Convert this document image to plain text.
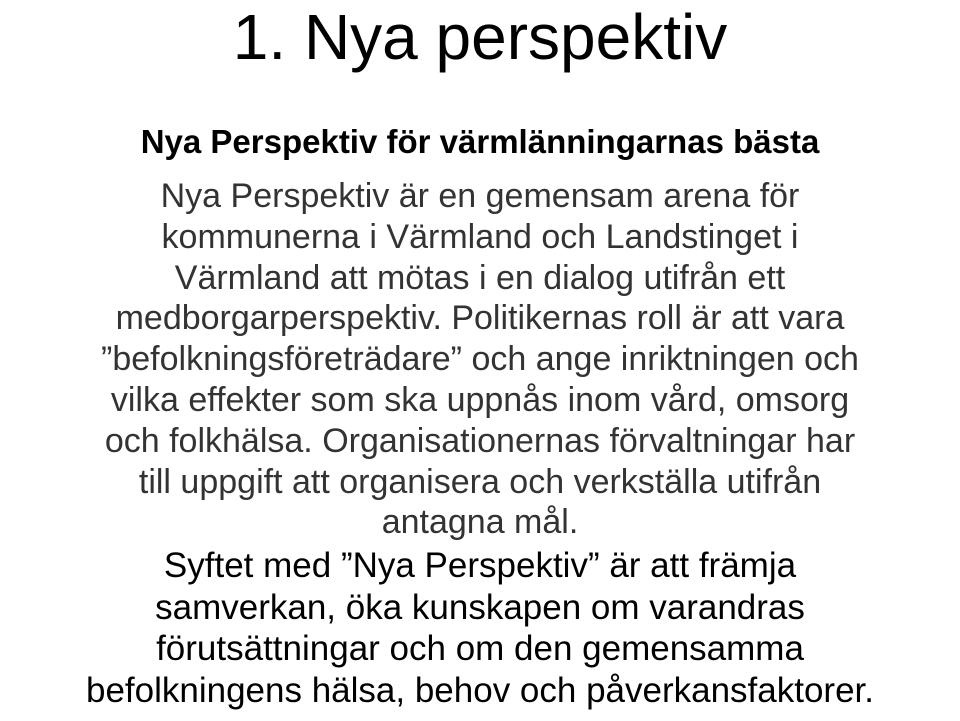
1. Nya perspektiv
Nya Perspektiv för värmlänningarnas bästa

Nya Perspektiv är en gemensam arena för
kommunerna i Värmland och Landstinget i
Värmland att mötas i en dialog utifrån ett
medborgarperspektiv. Politikernas roll är att vara
”befolkningsföreträdare” och ange inriktningen och
vilka effekter som ska uppnås inom vård, omsorg
och folkhälsa. Organisationernas förvaltningar har
till uppgift att organisera och verkställa utifrån
antagna mål.

Syftet med ”Nya Perspektiv” är att främja
samverkan, öka kunskapen om varandras
förutsättningar och om den gemensamma
befolkningens hälsa, behov och påverkansfaktorer.
